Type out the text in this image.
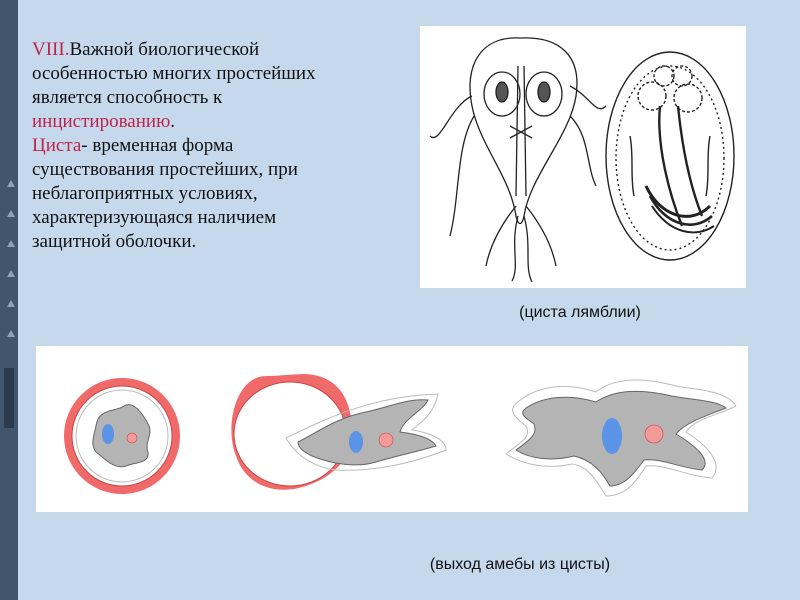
VIII.Важной биологической
особенностью многих простейших
является способность к
инцистированию.
Циста- временная форма
существования простейших, при
неблагоприятных условиях,
характеризующаяся наличием
защитной оболочки.
(циста лямблии)
(выход амебы из цисты)
